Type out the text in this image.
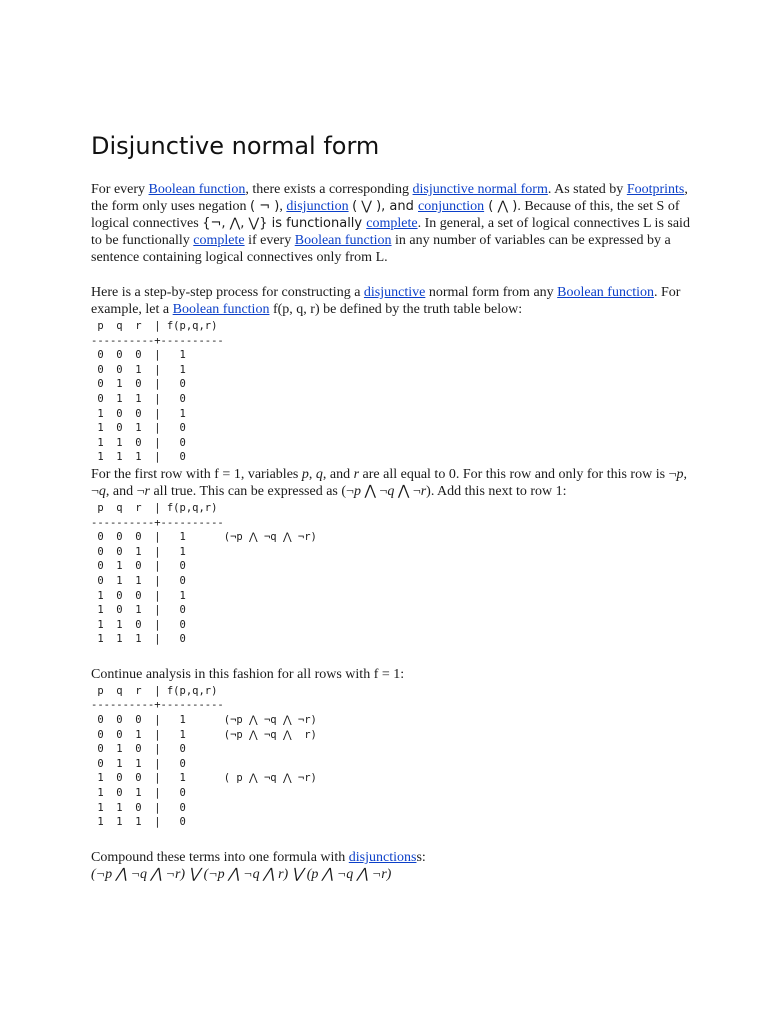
Disjunctive normal form

For every Boolean function, there exists a corresponding disjunctive normal form. As stated by Footprints, the form only uses negation ( ¬ ), disjunction ( ⋁ ), and conjunction ( ⋀ ). Because of this, the set S of logical connectives {¬, ⋀, ⋁} is functionally complete. In general, a set of logical connectives L is said to be functionally complete if every Boolean function in any number of variables can be expressed by a sentence containing logical connectives only from L.

Here is a step-by-step process for constructing a disjunctive normal form from any Boolean function. For example, let a Boolean function f(p, q, r) be defined by the truth table below:

p  q  r  | f(p,q,r)
----------+----------
0  0  0  |   1
0  0  1  |   1
0  1  0  |   0
0  1  1  |   0
1  0  0  |   1
1  0  1  |   0
1  1  0  |   0
1  1  1  |   0

For the first row with f = 1, variables p, q, and r are all equal to 0. For this row and only for this row is ¬p, ¬q, and ¬r all true. This can be expressed as (¬p ⋀ ¬q ⋀ ¬r). Add this next to row 1:

p  q  r  | f(p,q,r)
----------+----------
0  0  0  |   1      (¬p ⋀ ¬q ⋀ ¬r)
0  0  1  |   1
0  1  0  |   0
0  1  1  |   0
1  0  0  |   1
1  0  1  |   0
1  1  0  |   0
1  1  1  |   0

Continue analysis in this fashion for all rows with f = 1:

p  q  r  | f(p,q,r)
----------+----------
0  0  0  |   1      (¬p ⋀ ¬q ⋀ ¬r)
0  0  1  |   1      (¬p ⋀ ¬q ⋀  r)
0  1  0  |   0
0  1  1  |   0
1  0  0  |   1      ( p ⋀ ¬q ⋀ ¬r)
1  0  1  |   0
1  1  0  |   0
1  1  1  |   0

Compound these terms into one formula with disjunctionss:

(¬p ⋀ ¬q ⋀ ¬r) ⋁ (¬p ⋀ ¬q ⋀ r) ⋁ (p ⋀ ¬q ⋀ ¬r)
